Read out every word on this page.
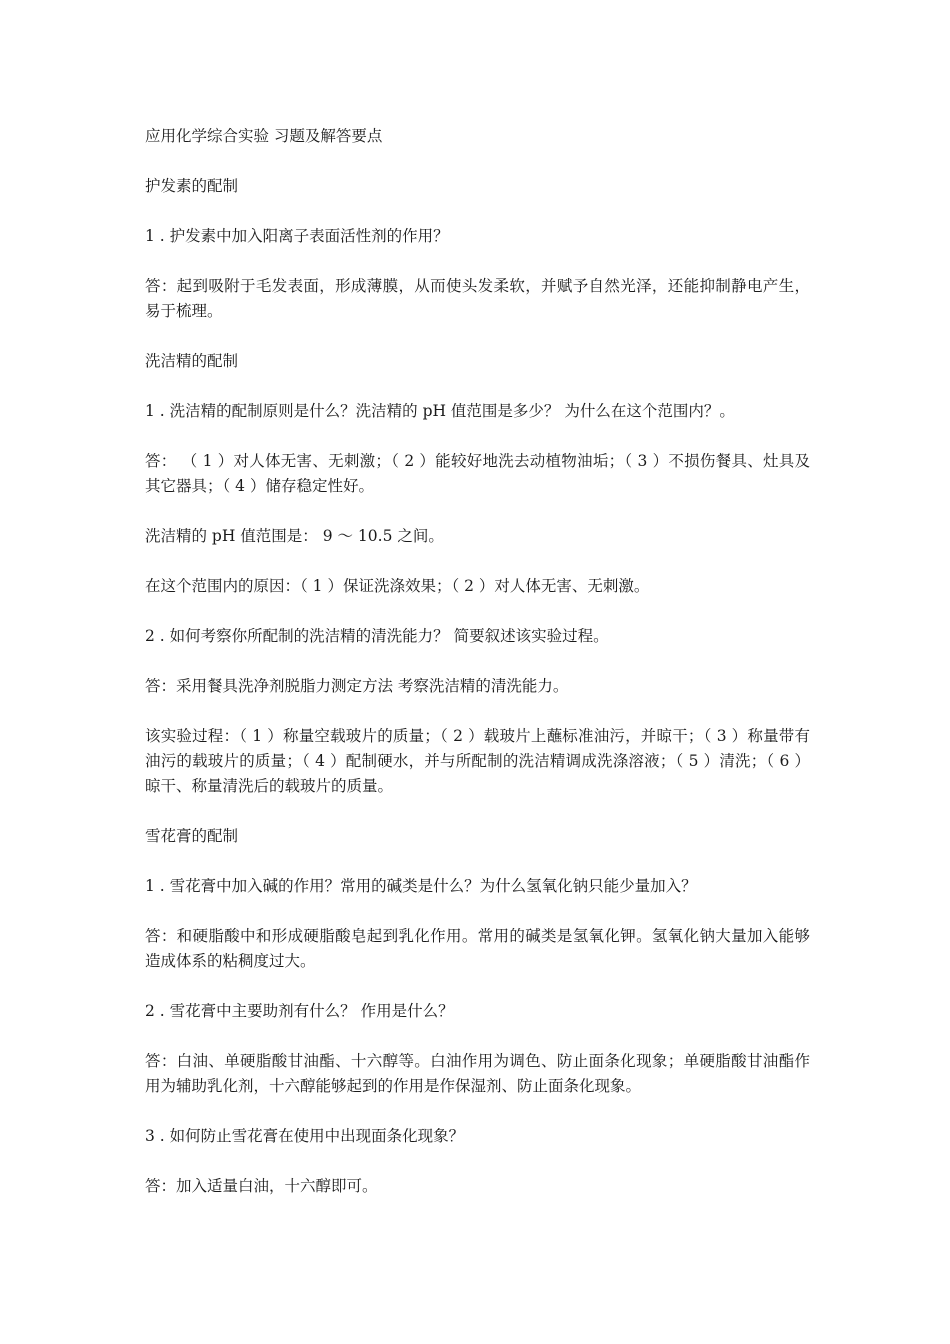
应用化学综合实验 习题及解答要点

护发素的配制

1 . 护发素中加入阳离子表面活性剂的作用？

答：起到吸附于毛发表面，形成薄膜，从而使头发柔软，并赋予自然光泽，还能抑制静电产生，易于梳理。

洗洁精的配制

1 . 洗洁精的配制原则是什么？洗洁精的 pH 值范围是多少？ 为什么在这个范围内？。

答： （ 1 ）对人体无害、无刺激；（ 2 ）能较好地洗去动植物油垢；（ 3 ）不损伤餐具、灶具及其它器具；（ 4 ）储存稳定性好。

洗洁精的 pH 值范围是： 9 ～ 10.5 之间。

在这个范围内的原因：（ 1 ）保证洗涤效果；（ 2 ）对人体无害、无刺激。

2 . 如何考察你所配制的洗洁精的清洗能力？ 简要叙述该实验过程。

答：采用餐具洗净剂脱脂力测定方法 考察洗洁精的清洗能力。

该实验过程：（ 1 ）称量空载玻片的质量；（ 2 ）载玻片上蘸标准油污，并晾干；（ 3 ）称量带有油污的载玻片的质量；（ 4 ）配制硬水，并与所配制的洗洁精调成洗涤溶液；（ 5 ）清洗；（ 6 ）晾干、称量清洗后的载玻片的质量。

雪花膏的配制

1 . 雪花膏中加入碱的作用？常用的碱类是什么？为什么氢氧化钠只能少量加入？

答：和硬脂酸中和形成硬脂酸皂起到乳化作用。常用的碱类是氢氧化钾。氢氧化钠大量加入能够造成体系的粘稠度过大。

2 . 雪花膏中主要助剂有什么？ 作用是什么？

答：白油、单硬脂酸甘油酯、十六醇等。白油作用为调色、防止面条化现象；单硬脂酸甘油酯作用为辅助乳化剂，十六醇能够起到的作用是作保湿剂、防止面条化现象。

3 . 如何防止雪花膏在使用中出现面条化现象？

答：加入适量白油，十六醇即可。
